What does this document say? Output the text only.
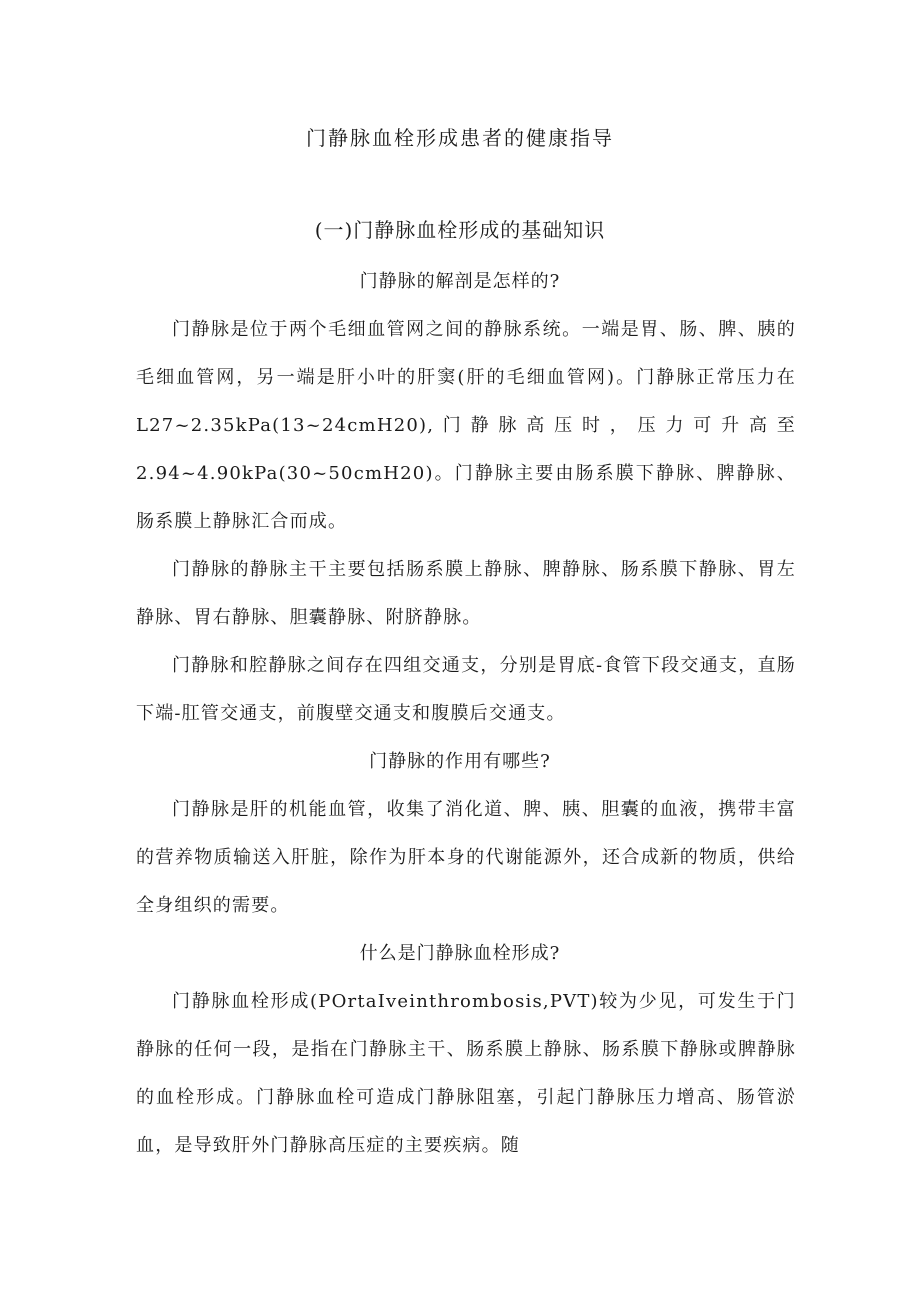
门静脉血栓形成患者的健康指导
(一)门静脉血栓形成的基础知识
门静脉的解剖是怎样的?

门静脉是位于两个毛细血管网之间的静脉系统。一端是胃、肠、脾、胰的毛细血管网，另一端是肝小叶的肝窦(肝的毛细血管网)。门静脉正常压力在L27~2.35kPa(13~24cmH20),门静脉高压时，压力可升高至2.94~4.90kPa(30~50cmH20)。门静脉主要由肠系膜下静脉、脾静脉、肠系膜上静脉汇合而成。

门静脉的静脉主干主要包括肠系膜上静脉、脾静脉、肠系膜下静脉、胃左静脉、胃右静脉、胆囊静脉、附脐静脉。

门静脉和腔静脉之间存在四组交通支，分别是胃底-食管下段交通支，直肠下端-肛管交通支，前腹壁交通支和腹膜后交通支。

门静脉的作用有哪些?

门静脉是肝的机能血管，收集了消化道、脾、胰、胆囊的血液，携带丰富的营养物质输送入肝脏，除作为肝本身的代谢能源外，还合成新的物质，供给全身组织的需要。

什么是门静脉血栓形成?

门静脉血栓形成(POrtaIveinthrombosis,PVT)较为少见，可发生于门静脉的任何一段，是指在门静脉主干、肠系膜上静脉、肠系膜下静脉或脾静脉的血栓形成。门静脉血栓可造成门静脉阻塞，引起门静脉压力增高、肠管淤血，是导致肝外门静脉高压症的主要疾病。随
